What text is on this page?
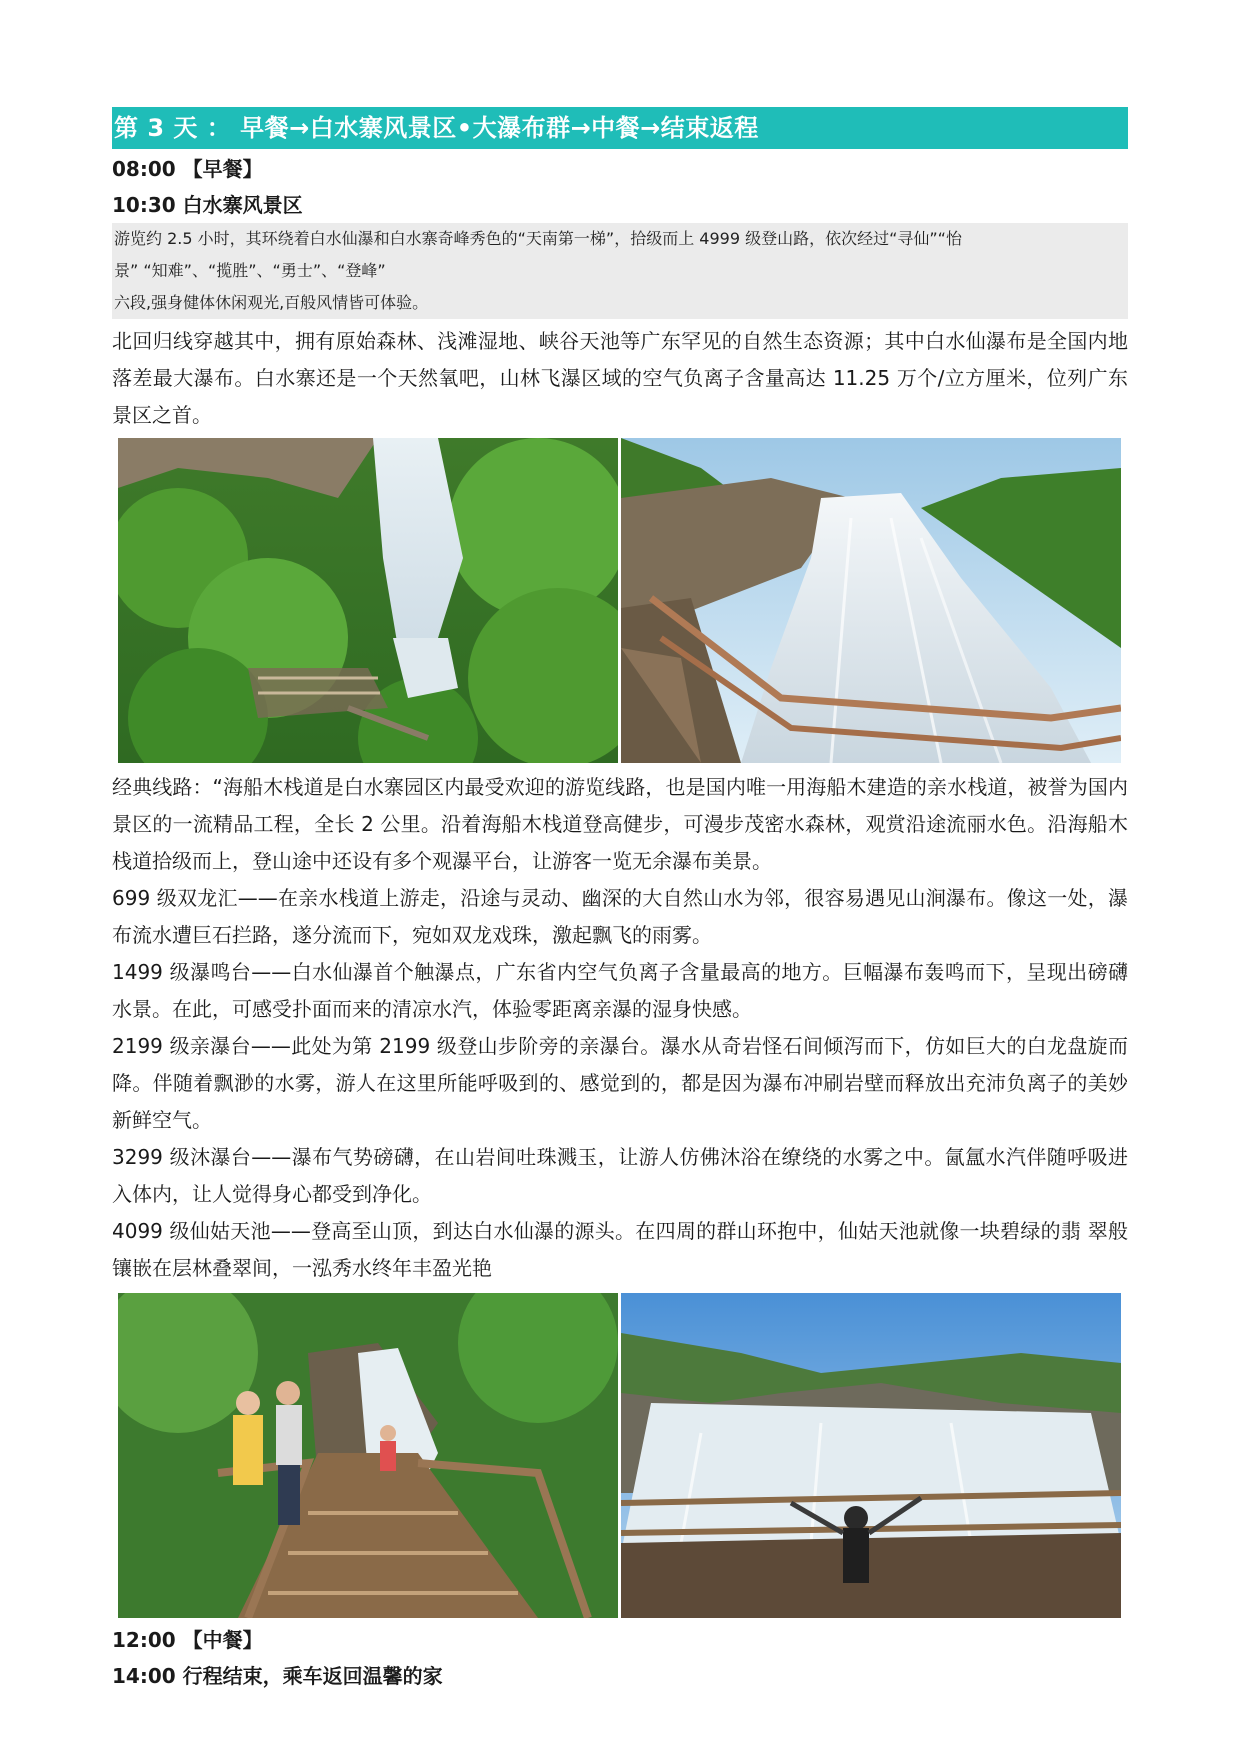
第 3 天 ： 早餐→白水寨风景区•大瀑布群→中餐→结束返程
08:00 【早餐】
10:30 白水寨风景区
游览约 2.5 小时，其环绕着白水仙瀑和白水寨奇峰秀色的“天南第一梯”，拾级而上 4999 级登山路，依次经过“寻仙”“怡
景” “知难”、“揽胜”、“勇士”、“登峰”
六段,强身健体休闲观光,百般风情皆可体验。

北回归线穿越其中，拥有原始森林、浅滩湿地、峡谷天池等广东罕见的自然生态资源；其中白水仙瀑布是全国内地落差最大瀑布。白水寨还是一个天然氧吧，山林飞瀑区域的空气负离子含量高达 11.25 万个/立方厘米，位列广东景区之首。

经典线路：“海船木栈道是白水寨园区内最受欢迎的游览线路，也是国内唯一用海船木建造的亲水栈道，被誉为国内景区的一流精品工程，全长 2 公里。沿着海船木栈道登高健步，可漫步茂密水森林，观赏沿途流丽水色。沿海船木栈道拾级而上，登山途中还设有多个观瀑平台，让游客一览无余瀑布美景。

699 级双龙汇——在亲水栈道上游走，沿途与灵动、幽深的大自然山水为邻，很容易遇见山涧瀑布。像这一处，瀑布流水遭巨石拦路，遂分流而下，宛如双龙戏珠，激起飘飞的雨雾。

1499 级瀑鸣台——白水仙瀑首个触瀑点，广东省内空气负离子含量最高的地方。巨幅瀑布轰鸣而下，呈现出磅礴水景。在此，可感受扑面而来的清凉水汽，体验零距离亲瀑的湿身快感。

2199 级亲瀑台——此处为第 2199 级登山步阶旁的亲瀑台。瀑水从奇岩怪石间倾泻而下，仿如巨大的白龙盘旋而降。伴随着飘渺的水雾，游人在这里所能呼吸到的、感觉到的，都是因为瀑布冲刷岩壁而释放出充沛负离子的美妙新鲜空气。

3299 级沐瀑台——瀑布气势磅礴，在山岩间吐珠溅玉，让游人仿佛沐浴在缭绕的水雾之中。氤氲水汽伴随呼吸进入体内，让人觉得身心都受到净化。

4099 级仙姑天池——登高至山顶，到达白水仙瀑的源头。在四周的群山环抱中，仙姑天池就像一块碧绿的翡 翠般镶嵌在层林叠翠间，一泓秀水终年丰盈光艳

12:00 【中餐】
14:00 行程结束，乘车返回温馨的家
